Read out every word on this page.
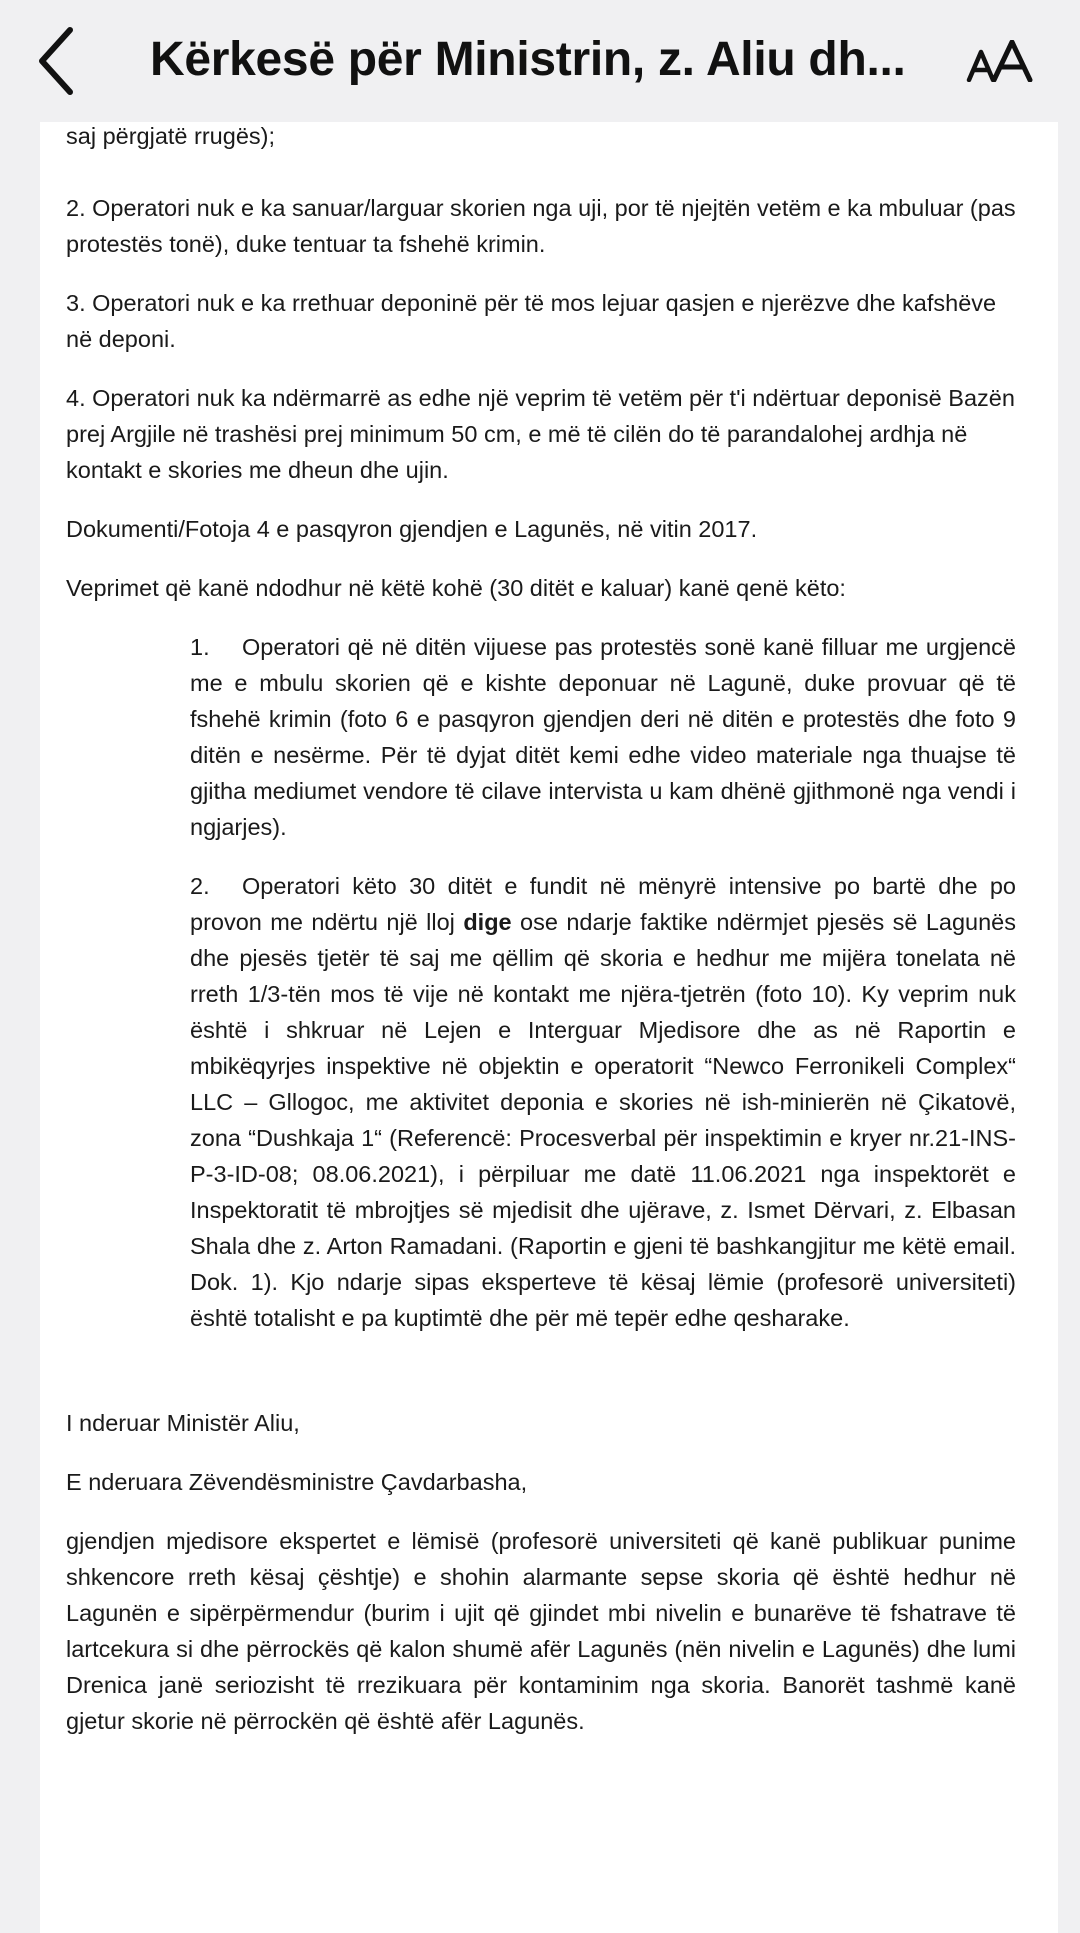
Kërkesë për Ministrin, z. Aliu dh...

saj përgjatë rrugës);

2. Operatori nuk e ka sanuar/larguar skorien nga uji, por të njejtën vetëm e ka mbuluar (pas protestës tonë), duke tentuar ta fshehë krimin.

3. Operatori nuk e ka rrethuar deponinë për të mos lejuar qasjen e njerëzve dhe kafshëve në deponi.

4. Operatori nuk ka ndërmarrë as edhe një veprim të vetëm për t'i ndërtuar deponisë Bazën prej Argjile në trashësi prej minimum 50 cm, e më të cilën do të parandalohej ardhja në kontakt e skories me dheun dhe ujin.

Dokumenti/Fotoja 4 e pasqyron gjendjen e Lagunës, në vitin 2017.

Veprimet që kanë ndodhur në këtë kohë (30 ditët e kaluar) kanë qenë këto:

1. Operatori që në ditën vijuese pas protestës sonë kanë filluar me urgjencë me e mbulu skorien që e kishte deponuar në Lagunë, duke provuar që të fshehë krimin (foto 6 e pasqyron gjendjen deri në ditën e protestës dhe foto 9 ditën e nesërme. Për të dyjat ditët kemi edhe video materiale nga thuajse të gjitha mediumet vendore të cilave intervista u kam dhënë gjithmonë nga vendi i ngjarjes).
2. Operatori këto 30 ditët e fundit në mënyrë intensive po bartë dhe po provon me ndërtu një lloj dige ose ndarje faktike ndërmjet pjesës së Lagunës dhe pjesës tjetër të saj me qëllim që skoria e hedhur me mijëra tonelata në rreth 1/3-tën mos të vije në kontakt me njëra-tjetrën (foto 10). Ky veprim nuk është i shkruar në Lejen e Interguar Mjedisore dhe as në Raportin e mbikëqyrjes inspektive në objektin e operatorit “Newco Ferronikeli Complex“ LLC – Gllogoc, me aktivitet deponia e skories në ish-minierën në Çikatovë, zona “Dushkaja 1“ (Referencë: Procesverbal për inspektimin e kryer nr.21-INS-P-3-ID-08; 08.06.2021), i përpiluar me datë 11.06.2021 nga inspektorët e Inspektoratit të mbrojtjes së mjedisit dhe ujërave, z. Ismet Dërvari, z. Elbasan Shala dhe z. Arton Ramadani. (Raportin e gjeni të bashkangjitur me këtë email. Dok. 1). Kjo ndarje sipas eksperteve të kësaj lëmie (profesorë universiteti) është totalisht e pa kuptimtë dhe për më tepër edhe qesharake.

I nderuar Ministër Aliu,

E nderuara Zëvendësministre Çavdarbasha,

gjendjen mjedisore ekspertet e lëmisë (profesorë universiteti që kanë publikuar punime shkencore rreth kësaj çështje) e shohin alarmante sepse skoria që është hedhur në Lagunën e sipërpërmendur (burim i ujit që gjindet mbi nivelin e bunarëve të fshatrave të lartcekura si dhe përrockës që kalon shumë afër Lagunës (nën nivelin e Lagunës) dhe lumi Drenica janë seriozisht të rrezikuara për kontaminim nga skoria. Banorët tashmë kanë gjetur skorie në përrockën që është afër Lagunës.
